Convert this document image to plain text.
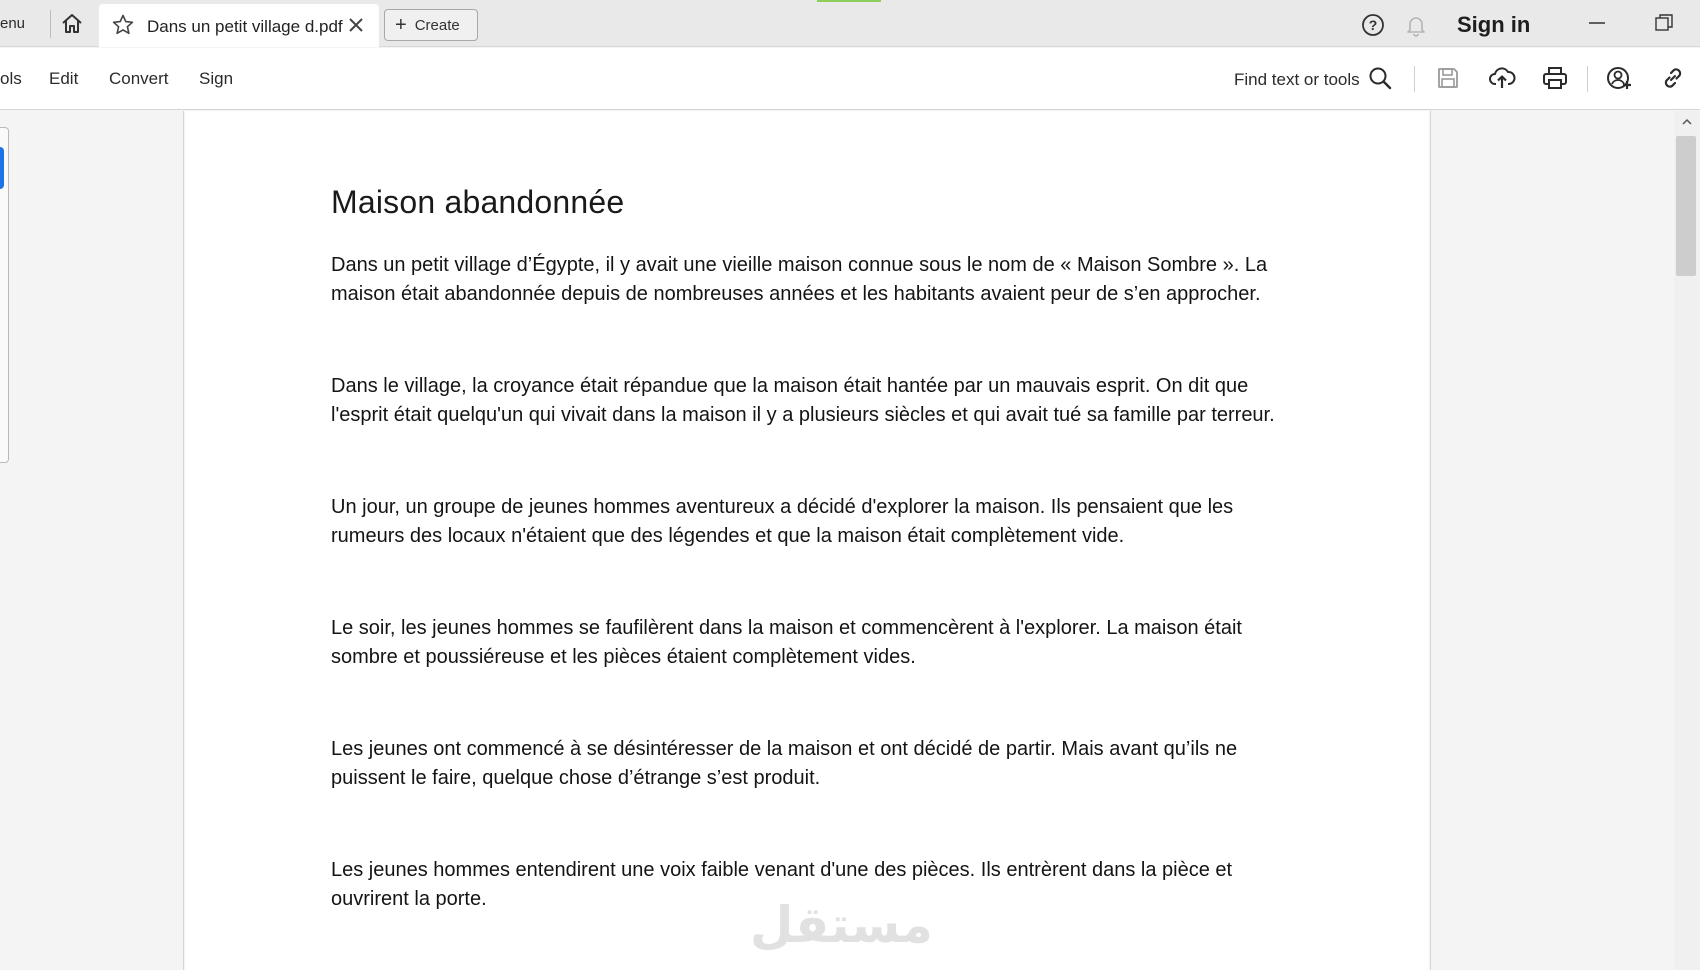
enu	Dans un petit village d.pdf	+ Create	?	Sign in
ols Edit Convert Sign	Find text or tools
Maison abandonnée

Dans un petit village d’Égypte, il y avait une vieille maison connue sous le nom de « Maison Sombre ». La maison était abandonnée depuis de nombreuses années et les habitants avaient peur de s’en approcher.

Dans le village, la croyance était répandue que la maison était hantée par un mauvais esprit. On dit que l'esprit était quelqu'un qui vivait dans la maison il y a plusieurs siècles et qui avait tué sa famille par terreur.

Un jour, un groupe de jeunes hommes aventureux a décidé d'explorer la maison. Ils pensaient que les rumeurs des locaux n'étaient que des légendes et que la maison était complètement vide.

Le soir, les jeunes hommes se faufilèrent dans la maison et commencèrent à l'explorer. La maison était sombre et poussiéreuse et les pièces étaient complètement vides.

Les jeunes ont commencé à se désintéresser de la maison et ont décidé de partir. Mais avant qu’ils ne puissent le faire, quelque chose d’étrange s’est produit.

Les jeunes hommes entendirent une voix faible venant d'une des pièces. Ils entrèrent dans la pièce et ouvrirent la porte.	مستقل
